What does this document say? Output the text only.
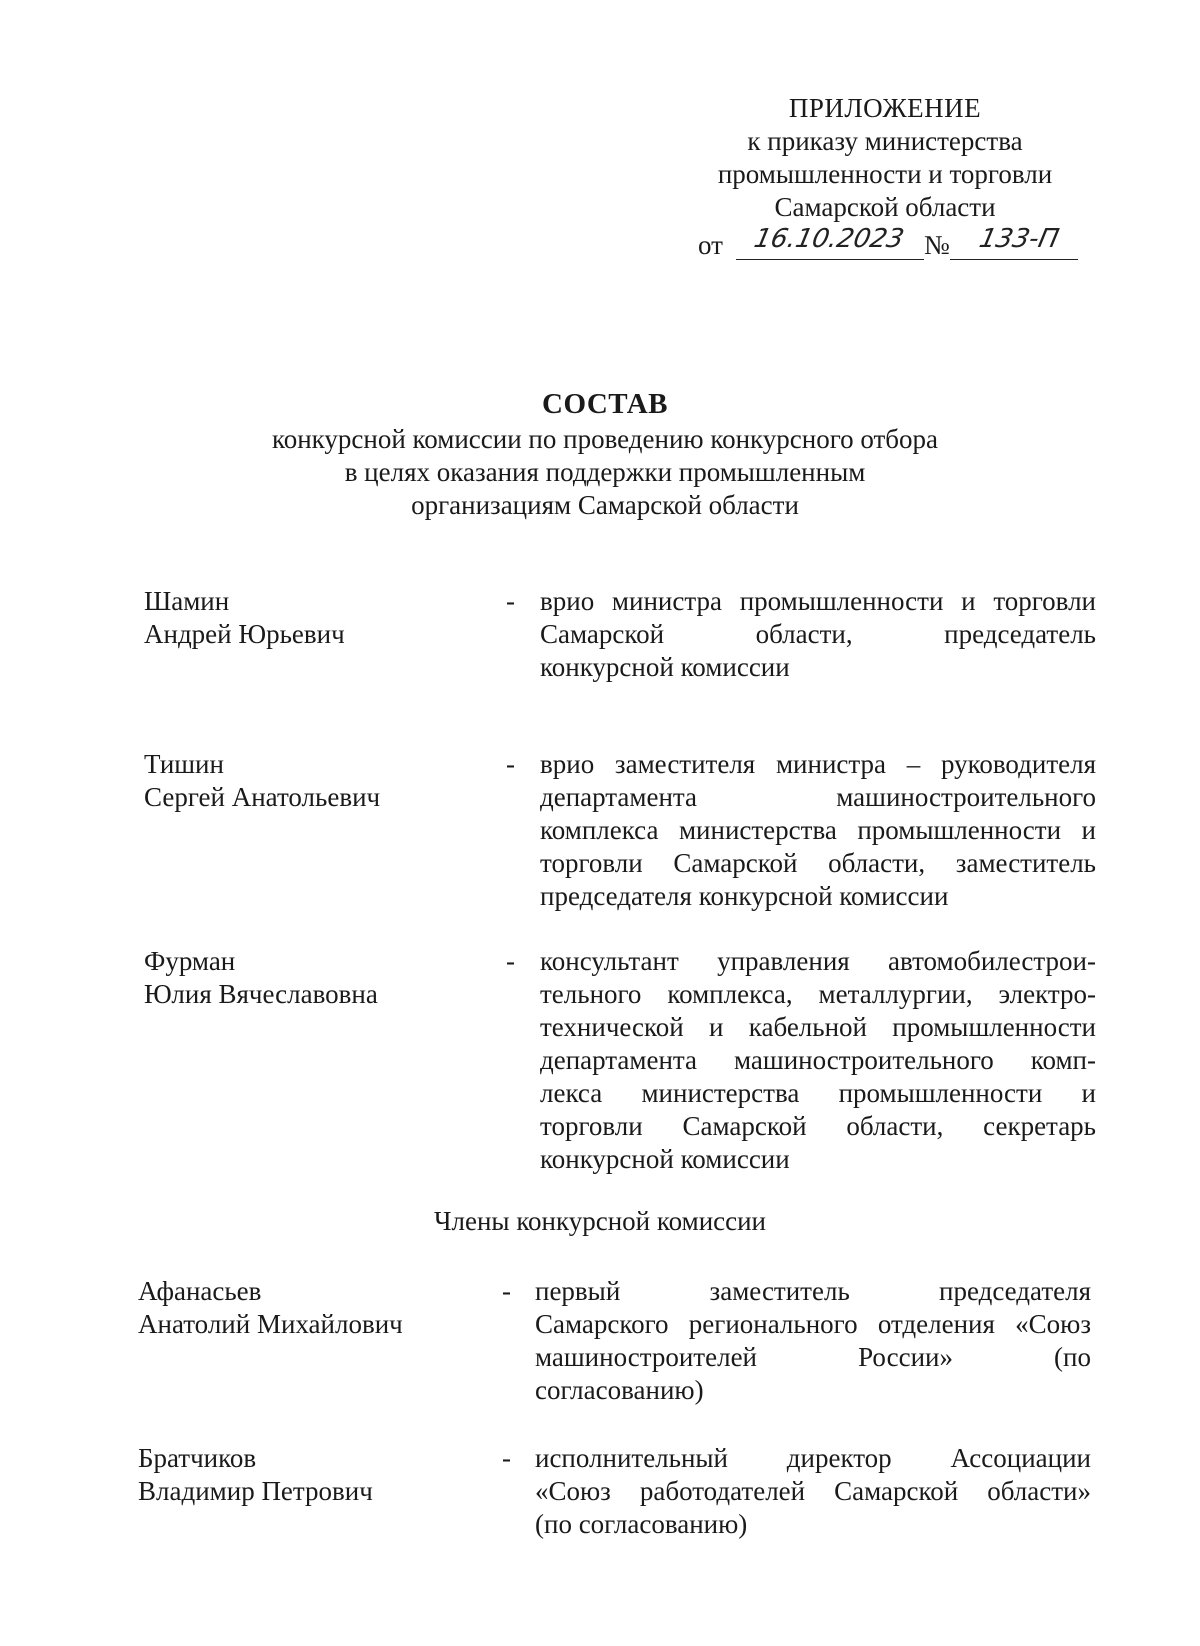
ПРИЛОЖЕНИЕ
к приказу министерства
промышленности и торговли
Самарской области
от	16.10.2023 №	133-П
СОСТАВ
конкурсной комиссии по проведению конкурсного отбора
в целях оказания поддержки промышленным
организациям Самарской области
Шамин
Андрей Юрьевич
- врио министра промышленности и торговли
Самарской области, председатель
конкурсной комиссии
Тишин
Сергей Анатольевич
- врио заместителя министра – руководителя
департамента машиностроительного
комплекса министерства промышленности и
торговли Самарской области, заместитель
председателя конкурсной комиссии
Фурман
Юлия Вячеславовна
- консультант управления автомобилестрои-
тельного комплекса, металлургии, электро-
технической и кабельной промышленности
департамента машиностроительного комп-
лекса министерства промышленности и
торговли Самарской области, секретарь
конкурсной комиссии
Члены конкурсной комиссии
Афанасьев
Анатолий Михайлович
- первый заместитель председателя
Самарского регионального отделения «Союз
машиностроителей России» (по
согласованию)
Братчиков
Владимир Петрович
- исполнительный директор Ассоциации
«Союз работодателей Самарской области»
(по согласованию)
